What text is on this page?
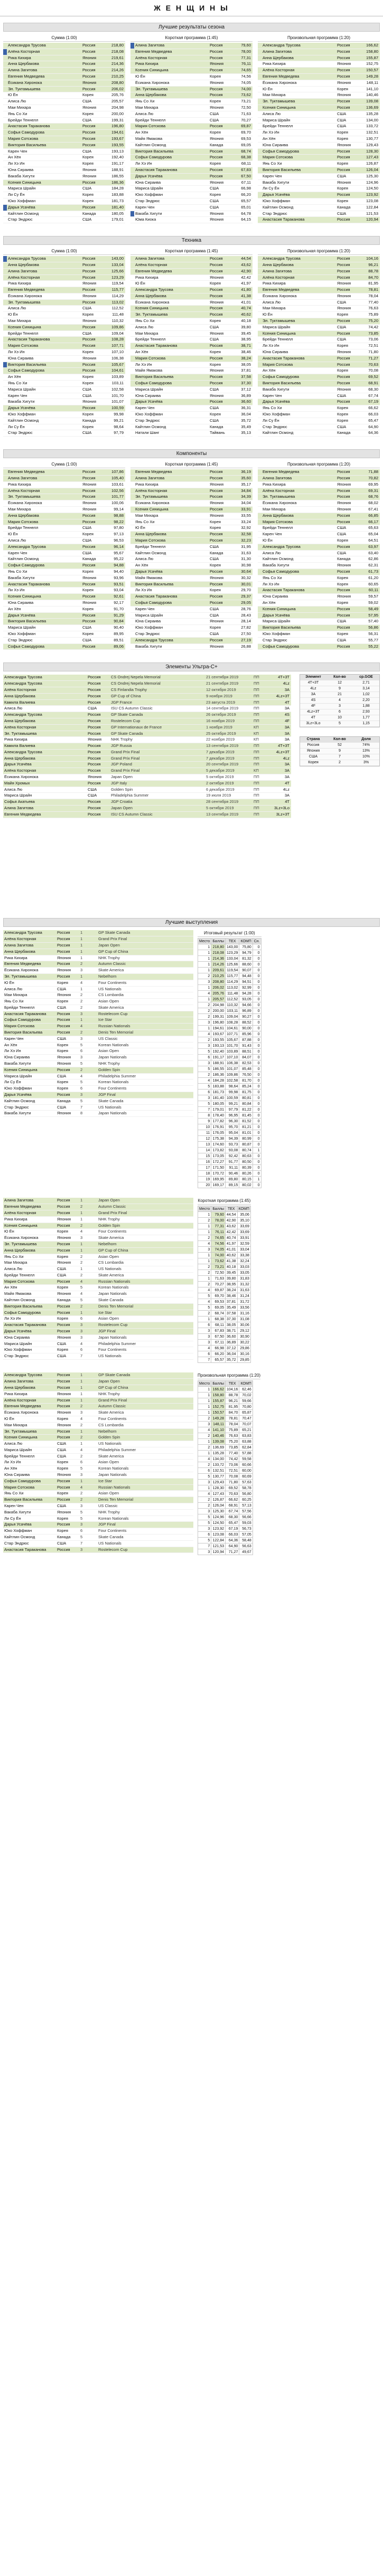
Ж Е Н Щ И Н Ы
Лучшие результаты сезона
Сумма (1:00)
Александра Трусова	Россия	218,80
Алёна Косторная	Россия	218,08
Рика Кихира	Япония	219,61
Анна Щербакова	Россия	214,36
Алина Загитова	Россия	214,26
Евгения Медведева	Россия	210,25
Ёсикана Хиронока	Япония	208,80
Эл. Туктамышева	Россия	206,02
Ю Ён	Корея	205,76
Алиса Лю	США	205,57
Маи Михара	Япония	204,98
Янь Со Хи	Корея	200,00
Брейди Теннелл	США	199,31
Анастасия Тараканова	Россия	196,80
Софья Самодурова	Россия	194,61
Мария Сотскова	Россия	193,67
Виктория Васильева	Россия	193,55
Карен Чен	США	193,13
Ан Хён	Корея	192,40
Ли Хэ Ин	Корея	191,17
Юна Сираива	Япония	188,91
Вакаба Хигути	Япония	186,55
Ксения Синицына	Россия	186,36
Мариса Шрайн	США	184,28
Ли Су Ён	Корея	183,88
Юко Хоффман	Корея	181,73
Дарья Усачёва	Россия	181,40
Кайтлин Осмонд	Канада	180,05
Стар Эндрюс	США	179,01
Короткая программа (1:45)
Алина Загитова	Россия	79,60
Евгения Медведева	Россия	78,00
Алёна Косторная	Россия	77,31
Рика Кихира	Япония	76,11
Ксения Синицына	Россия	74,65
Ю Ён	Корея	74,56
Ёсикана Хиронока	Япония	74,05
Эл. Туктамышева	Россия	74,00
Анна Щербакова	Россия	73,62
Янь Со Хи	Корея	73,21
Маи Михара	Япония	72,50
Алиса Лю	США	71,63
Брейди Теннелл	США	70,27
Мария Сотскова	Россия	69,87
Ан Хён	Корея	69,70
Майя Ямакова	Япония	69,53
Кайтлин Осмонд	Канада	69,05
Виктория Васильева	Россия	68,74
Софья Самодурова	Россия	68,38
Ли Хэ Ин	Корея	68,11
Анастасия Тараканова	Россия	67,83
Дарья Усачёва	Россия	67,50
Юна Сираива	Япония	67,11
Мариса Шрайн	США	66,98
Юко Хоффман	Корея	66,20
Стар Эндрюс	США	65,57
Карен Чен	США	65,01
Вакаба Хигути	Япония	64,78
Юма Киока	Япония	64,15
Произвольная программа (1:20)
Александра Трусова	Россия	166,62
Алина Загитова	Россия	158,80
Анна Щербакова	Россия	155,87
Рика Кихира	Япония	152,75
Алёна Косторная	Россия	150,57
Евгения Медведева	Россия	149,28
Ёсикана Хиронока	Япония	148,11
Ю Ён	Корея	141,10
Маи Михара	Япония	140,46
Эл. Туктамышева	Россия	139,08
Ксения Синицына	Россия	136,69
Алиса Лю	США	135,28
Мариса Шрайн	США	134,00
Брейди Теннелл	США	133,72
Ли Хэ Ин	Корея	132,51
Ан Хён	Корея	130,77
Юна Сираива	Япония	129,43
Софья Самодурова	Россия	128,30
Мария Сотскова	Россия	127,43
Янь Со Хи	Корея	126,87
Виктория Васильева	Россия	126,04
Карен Чен	США	125,30
Вакаба Хигути	Япония	124,96
Ли Су Ён	Корея	124,50
Дарья Усачёва	Россия	123,92
Юко Хоффман	Корея	123,08
Кайтлин Осмонд	Канада	122,84
Стар Эндрюс	США	121,53
Анастасия Тараканова	Россия	120,94
Техника
Сумма (1:00)
Александра Трусова	Россия	143,00
Анна Щербакова	Россия	133,04
Алина Загитова	Россия	125,66
Алёна Косторная	Россия	123,29
Рика Кихира	Япония	119,54
Евгения Медведева	Россия	115,77
Ёсикана Хиронока	Япония	114,29
Эл. Туктамышева	Россия	113,02
Алиса Лю	США	112,52
Ю Ён	Корея	111,48
Маи Михара	Япония	110,32
Ксения Синицына	Россия	109,86
Брейди Теннелл	США	109,04
Анастасия Тараканова	Россия	108,28
Мария Сотскова	Россия	107,71
Ли Хэ Ин	Корея	107,10
Юна Сираива	Япония	106,38
Виктория Васильева	Россия	105,67
Софья Самодурова	Россия	104,61
Ан Хён	Корея	103,89
Янь Со Хи	Корея	103,11
Мариса Шрайн	США	102,58
Карен Чен	США	101,70
Вакаба Хигути	Япония	101,07
Дарья Усачёва	Россия	100,59
Юко Хоффман	Корея	99,98
Кайтлин Осмонд	Канада	99,21
Ли Су Ён	Корея	98,64
Стар Эндрюс	США	97,79
Короткая программа (1:45)
Алина Загитова	Россия	44,54
Алёна Косторная	Россия	43,62
Евгения Медведева	Россия	42,90
Рика Кихира	Япония	42,42
Ю Ён	Корея	41,97
Александра Трусова	Россия	41,80
Анна Щербакова	Россия	41,38
Ёсикана Хиронока	Япония	41,01
Ксения Синицына	Россия	40,74
Эл. Туктамышева	Россия	40,62
Янь Со Хи	Корея	40,18
Алиса Лю	США	39,80
Маи Михара	Япония	39,45
Брейди Теннелл	США	38,95
Анастасия Тараканова	Россия	38,71
Ан Хён	Корея	38,46
Мария Сотскова	Россия	38,24
Ли Хэ Ин	Корея	38,05
Майя Ямакова	Япония	37,81
Виктория Васильева	Россия	37,58
Софья Самодурова	Россия	37,30
Мариса Шрайн	США	37,12
Юна Сираива	Япония	36,89
Дарья Усачёва	Россия	36,60
Карен Чен	США	36,31
Юко Хоффман	Корея	36,04
Стар Эндрюс	США	35,72
Кайтлин Осмонд	Канада	35,49
Натали Шанг	Тайвань	35,13
Произвольная программа (1:20)
Александра Трусова	Россия	104,16
Анна Щербакова	Россия	96,21
Алина Загитова	Россия	88,78
Алёна Косторная	Россия	84,70
Рика Кихира	Япония	81,95
Евгения Медведева	Россия	78,81
Ёсикана Хиронока	Япония	78,04
Алиса Лю	США	77,40
Маи Михара	Япония	76,63
Ю Ён	Корея	75,89
Эл. Туктамышева	Россия	75,20
Мариса Шрайн	США	74,42
Ксения Синицына	Россия	73,85
Брейди Теннелл	США	73,06
Ли Хэ Ин	Корея	72,51
Юна Сираива	Япония	71,80
Анастасия Тараканова	Россия	71,27
Мария Сотскова	Россия	70,63
Ан Хён	Корея	70,08
Софья Самодурова	Россия	69,52
Виктория Васильева	Россия	68,91
Вакаба Хигути	Япония	68,30
Карен Чен	США	67,74
Дарья Усачёва	Россия	67,19
Янь Со Хи	Корея	66,62
Юко Хоффман	Корея	66,03
Ли Су Ён	Корея	65,47
Стар Эндрюс	США	64,90
Кайтлин Осмонд	Канада	64,36
Компоненты
Сумма (1:00)
Евгения Медведева	Россия	107,86
Алина Загитова	Россия	105,40
Рика Кихира	Япония	103,61
Алёна Косторная	Россия	102,56
Эл. Туктамышева	Россия	101,77
Ёсикана Хиронока	Япония	100,06
Маи Михара	Япония	99,14
Анна Щербакова	Россия	98,88
Мария Сотскова	Россия	98,22
Брейди Теннелл	США	97,80
Ю Ён	Корея	97,13
Алиса Лю	США	96,53
Александра Трусова	Россия	96,14
Карен Чен	США	95,67
Кайтлин Осмонд	Канада	95,22
Софья Самодурова	Россия	94,88
Янь Со Хи	Корея	94,40
Вакаба Хигути	Япония	93,96
Анастасия Тараканова	Россия	93,51
Ли Хэ Ин	Корея	93,04
Ксения Синицына	Россия	92,61
Юна Сираива	Япония	92,17
Ан Хён	Корея	91,70
Дарья Усачёва	Россия	91,29
Виктория Васильева	Россия	90,84
Мариса Шрайн	США	90,40
Юко Хоффман	Корея	89,95
Стар Эндрюс	США	89,51
Софья Самодурова	Россия	89,06
Короткая программа (1:45)
Евгения Медведева	Россия	36,19
Алина Загитова	Россия	35,60
Рика Кихира	Япония	35,17
Алёна Косторная	Россия	34,84
Эл. Туктамышева	Россия	34,39
Ёсикана Хиронока	Япония	34,04
Ксения Синицына	Россия	33,91
Маи Михара	Япония	33,55
Янь Со Хи	Корея	33,24
Ю Ён	Корея	32,92
Анна Щербакова	Россия	32,58
Мария Сотскова	Россия	32,23
Брейди Теннелл	США	31,95
Кайтлин Осмонд	Канада	31,63
Алиса Лю	США	31,30
Ан Хён	Корея	30,98
Дарья Усачёва	Россия	30,64
Майя Ямакова	Япония	30,32
Виктория Васильева	Россия	30,01
Ли Хэ Ин	Корея	29,70
Анастасия Тараканова	Россия	29,37
Софья Самодурова	Россия	29,05
Карен Чен	США	28,76
Мариса Шрайн	США	28,43
Юна Сираива	Япония	28,14
Юко Хоффман	Корея	27,82
Стар Эндрюс	США	27,50
Александра Трусова	Россия	27,19
Вакаба Хигути	Япония	26,88
Произвольная программа (1:20)
Евгения Медведева	Россия	71,88
Алина Загитова	Россия	70,82
Рика Кихира	Япония	69,95
Алёна Косторная	Россия	69,31
Эл. Туктамышева	Россия	68,76
Ёсикана Хиронока	Япония	68,02
Маи Михара	Япония	67,41
Анна Щербакова	Россия	66,85
Мария Сотскова	Россия	66,17
Брейди Теннелл	США	65,63
Карен Чен	США	65,04
Ю Ён	Корея	64,51
Александра Трусова	Россия	63,97
Алиса Лю	США	63,40
Кайтлин Осмонд	Канада	62,86
Вакаба Хигути	Япония	62,31
Софья Самодурова	Россия	61,73
Янь Со Хи	Корея	61,20
Ли Хэ Ин	Корея	60,65
Анастасия Тараканова	Россия	60,11
Юна Сираива	Япония	59,57
Ан Хён	Корея	59,02
Ксения Синицына	Россия	58,49
Дарья Усачёва	Россия	57,95
Мариса Шрайн	США	57,40
Виктория Васильева	Россия	56,86
Юко Хоффман	Корея	56,31
Стар Эндрюс	США	55,77
Софья Самодурова	Россия	55,22
Элементы Ультра-С+
Александра Трусова	Россия	CS Ondrej Nepela Memorial	21 сентября 2019	ПП	4T+3T
Александра Трусова	Россия	CS Ondrej Nepela Memorial	21 сентября 2019	ПП	4Lz
Алёна Косторная	Россия	CS Finlandia Trophy	12 октября 2019	ПП	3A
Анна Щербакова	Россия	GP Cup of China	9 ноября 2019	ПП	4Lz+3T
Камила Валиева	Россия	JGP France	23 августа 2019	ПП	4T
Алиса Лю	США	ISU CS Autumn Classic	14 сентября 2019	ПП	3A
Александра Трусова	Россия	GP Skate Canada	26 октября 2019	ПП	4S
Анна Щербакова	Россия	Rostelecom Cup	16 ноября 2019	ПП	4F
Алёна Косторная	Россия	GP Internationaux de France	1 ноября 2019	КП	3A
Эл. Туктамышева	Россия	GP Skate Canada	25 октября 2019	КП	3A
Рика Кихира	Япония	NHK Trophy	22 ноября 2019	КП	3A
Камила Валиева	Россия	JGP Russia	13 сентября 2019	ПП	4T+3T
Александра Трусова	Россия	Grand Prix Final	7 декабря 2019	ПП	4Lz+3T
Анна Щербакова	Россия	Grand Prix Final	7 декабря 2019	ПП	4Lz
Дарья Усачёва	Россия	JGP Poland	20 сентября 2019	ПП	3A
Алёна Косторная	Россия	Grand Prix Final	5 декабря 2019	КП	3A
Ёсикана Хиронока	Япония	Japan Open	5 октября 2019	ПП	3A
Майя Хромых	Россия	JGP Italy	2 октября 2019	ПП	4T
Алиса Лю	США	Golden Spin	6 декабря 2019	ПП	4Lz
Мариса Шрайн	США	Philadelphia Summer	19 июля 2019	ПП	3A
Софья Акатьева	Россия	JGP Croatia	28 сентября 2019	ПП	4T
Алина Загитова	Россия	Japan Open	5 октября 2019	ПП	3Lz+3Lo
Евгения Медведева	Россия	ISU CS Autumn Classic	13 сентября 2019	ПП	3Lz+3T
Элемент	Кол-во	ср.GOE
4T+3T	12	2,71
4Lz	9	3,14
3A	21	1,02
4S	4	2,20
4F	3	1,88
4Lz+3T	6	2,93
4T	10	1,77
3Lz+3Lo	5	1,15
Страна	Кол-во	Доля
Россия	52	74%
Япония	9	13%
США	7	10%
Корея	2	3%
Лучшие выступления
Александра Трусова	Россия	1	GP Skate Canada
Алёна Косторная	Россия	1	Grand Prix Final
Алина Загитова	Россия	1	Japan Open
Анна Щербакова	Россия	1	GP Cup of China
Рика Кихира	Япония	1	NHK Trophy
Евгения Медведева	Россия	2	Autumn Classic
Ёсикана Хиронока	Япония	3	Skate America
Эл. Туктамышева	Россия	1	Nebelhorn
Ю Ён	Корея	4	Four Continents
Алиса Лю	США	1	US Nationals
Маи Михара	Япония	2	CS Lombardia
Янь Со Хи	Корея	2	Asian Open
Брейди Теннелл	США	2	Skate America
Анастасия Тараканова	Россия	3	Rostelecom Cup
Софья Самодурова	Россия	1	Ice Star
Мария Сотскова	Россия	4	Russian Nationals
Виктория Васильева	Россия	2	Denis Ten Memorial
Карен Чен	США	3	US Classic
Ан Хён	Корея	5	Korean Nationals
Ли Хэ Ин	Корея	6	Asian Open
Юна Сираива	Япония	3	Japan Nationals
Вакаба Хигути	Япония	5	NHK Trophy
Ксения Синицына	Россия	2	Golden Spin
Мариса Шрайн	США	4	Philadelphia Summer
Ли Су Ён	Корея	5	Korean Nationals
Юко Хоффман	Корея	6	Four Continents
Дарья Усачёва	Россия	3	JGP Final
Кайтлин Осмонд	Канада	5	Skate Canada
Стар Эндрюс	США	7	US Nationals
Вакаба Хигути	Япония	8	Japan Nationals
Итоговый результат (1:00)
Место	Баллы	ТЕХ	КОМП	Сн.
1	218,80	143,00	75,80	0
1	218,08	123,29	94,79	0
1	214,36	133,04	81,32	0
1	214,26	125,66	88,60	0
1	209,61	119,54	90,07	0
2	210,25	115,77	94,48	0
3	208,80	114,29	94,51	0
1	206,02	113,02	92,99	0
4	205,76	111,48	94,28	0
1	205,57	112,52	93,05	0
2	204,98	110,32	94,66	0
2	200,00	103,11	96,89	0
2	199,31	109,04	90,27	0
3	196,80	108,28	88,52	0
1	194,61	104,61	90,00	0
4	193,67	107,71	85,96	0
2	193,55	105,67	87,88	0
3	193,13	101,70	91,43	0
5	192,40	103,89	88,51	0
6	191,17	107,10	84,07	0
3	188,91	106,38	82,53	0
5	186,55	101,07	85,48	0
2	186,36	109,86	76,50	0
4	184,28	102,58	81,70	0
5	183,88	98,64	85,24	0
6	181,73	99,98	81,75	0
3	181,40	100,59	80,81	0
5	180,05	99,21	80,84	0
7	179,01	97,79	81,22	0
8	178,40	96,95	81,45	0
9	177,82	96,30	81,52	0
10	176,91	95,70	81,21	0
11	176,05	95,04	81,01	0
12	175,38	94,39	80,99	0
13	174,60	93,73	80,87	0
14	173,82	93,08	80,74	1
15	173,05	92,42	80,63	0
16	172,27	91,77	80,50	0
17	171,50	91,11	80,39	0
18	170,72	90,46	80,26	0
19	169,95	89,80	80,15	1
20	169,17	89,15	80,02	0
Алина Загитова	Россия	1	Japan Open
Евгения Медведева	Россия	2	Autumn Classic
Алёна Косторная	Россия	1	Grand Prix Final
Рика Кихира	Япония	1	NHK Trophy
Ксения Синицына	Россия	2	Golden Spin
Ю Ён	Корея	4	Four Continents
Ёсикана Хиронока	Япония	3	Skate America
Эл. Туктамышева	Россия	1	Nebelhorn
Анна Щербакова	Россия	1	GP Cup of China
Янь Со Хи	Корея	2	Asian Open
Маи Михара	Япония	2	CS Lombardia
Алиса Лю	США	1	US Nationals
Брейди Теннелл	США	2	Skate America
Мария Сотскова	Россия	4	Russian Nationals
Ан Хён	Корея	5	Korean Nationals
Майя Ямакова	Япония	4	Japan Nationals
Кайтлин Осмонд	Канада	5	Skate Canada
Виктория Васильева	Россия	2	Denis Ten Memorial
Софья Самодурова	Россия	1	Ice Star
Ли Хэ Ин	Корея	6	Asian Open
Анастасия Тараканова	Россия	3	Rostelecom Cup
Дарья Усачёва	Россия	3	JGP Final
Юна Сираива	Япония	3	Japan Nationals
Мариса Шрайн	США	4	Philadelphia Summer
Юко Хоффман	Корея	6	Four Continents
Стар Эндрюс	США	7	US Nationals
Короткая программа (1:45)
Место	Баллы	ТЕХ	КОМП
1	79,60	44,54	35,06
2	78,00	42,90	35,10
1	77,31	43,62	33,69
1	76,11	42,42	33,69
2	74,65	40,74	33,91
4	74,56	41,97	32,59
3	74,05	41,01	33,04
1	74,00	40,62	33,38
1	73,62	41,38	32,24
2	73,21	40,18	33,03
2	72,50	39,45	33,05
1	71,63	39,80	31,83
2	70,27	38,95	31,32
4	69,87	38,24	31,63
5	69,70	38,46	31,24
4	69,53	37,81	31,72
5	69,05	35,49	33,56
2	68,74	37,58	31,16
1	68,38	37,30	31,08
6	68,11	38,05	30,06
3	67,83	38,71	29,12
3	67,50	36,60	30,90
3	67,11	36,89	30,22
4	66,98	37,12	29,86
6	66,20	36,04	30,16
7	65,57	35,72	29,85
Александра Трусова	Россия	1	GP Skate Canada
Алина Загитова	Россия	1	Japan Open
Анна Щербакова	Россия	1	GP Cup of China
Рика Кихира	Япония	1	NHK Trophy
Алёна Косторная	Россия	1	Grand Prix Final
Евгения Медведева	Россия	2	Autumn Classic
Ёсикана Хиронока	Япония	3	Skate America
Ю Ён	Корея	4	Four Continents
Маи Михара	Япония	2	CS Lombardia
Эл. Туктамышева	Россия	1	Nebelhorn
Ксения Синицына	Россия	2	Golden Spin
Алиса Лю	США	1	US Nationals
Мариса Шрайн	США	4	Philadelphia Summer
Брейди Теннелл	США	2	Skate America
Ли Хэ Ин	Корея	6	Asian Open
Ан Хён	Корея	5	Korean Nationals
Юна Сираива	Япония	3	Japan Nationals
Софья Самодурова	Россия	1	Ice Star
Мария Сотскова	Россия	4	Russian Nationals
Янь Со Хи	Корея	2	Asian Open
Виктория Васильева	Россия	2	Denis Ten Memorial
Карен Чен	США	3	US Classic
Вакаба Хигути	Япония	5	NHK Trophy
Ли Су Ён	Корея	5	Korean Nationals
Дарья Усачёва	Россия	3	JGP Final
Юко Хоффман	Корея	6	Four Continents
Кайтлин Осмонд	Канада	5	Skate Canada
Стар Эндрюс	США	7	US Nationals
Анастасия Тараканова	Россия	3	Rostelecom Cup
Произвольная программа (1:20)
Место	Баллы	ТЕХ	КОМП
1	166,62	104,16	62,46
1	158,80	88,78	70,02
1	155,87	96,21	59,66
1	152,75	81,95	70,80
1	150,57	84,70	65,87
2	149,28	78,81	70,47
3	148,11	78,04	70,07
4	141,10	75,89	65,21
2	140,46	76,63	63,83
1	139,08	75,20	63,88
2	136,69	73,85	62,84
1	135,28	77,40	57,88
4	134,00	74,42	59,58
2	133,72	73,06	60,66
6	132,51	72,51	60,00
5	130,77	70,08	60,69
3	129,43	71,80	57,63
1	128,30	69,52	58,78
4	127,43	70,63	56,80
2	126,87	66,62	60,25
2	126,04	68,91	57,13
3	125,30	67,74	57,56
5	124,96	68,30	56,66
5	124,50	65,47	59,03
3	123,92	67,19	56,73
6	123,08	66,03	57,05
5	122,84	64,36	58,48
7	121,53	64,90	56,63
3	120,94	71,27	49,67
